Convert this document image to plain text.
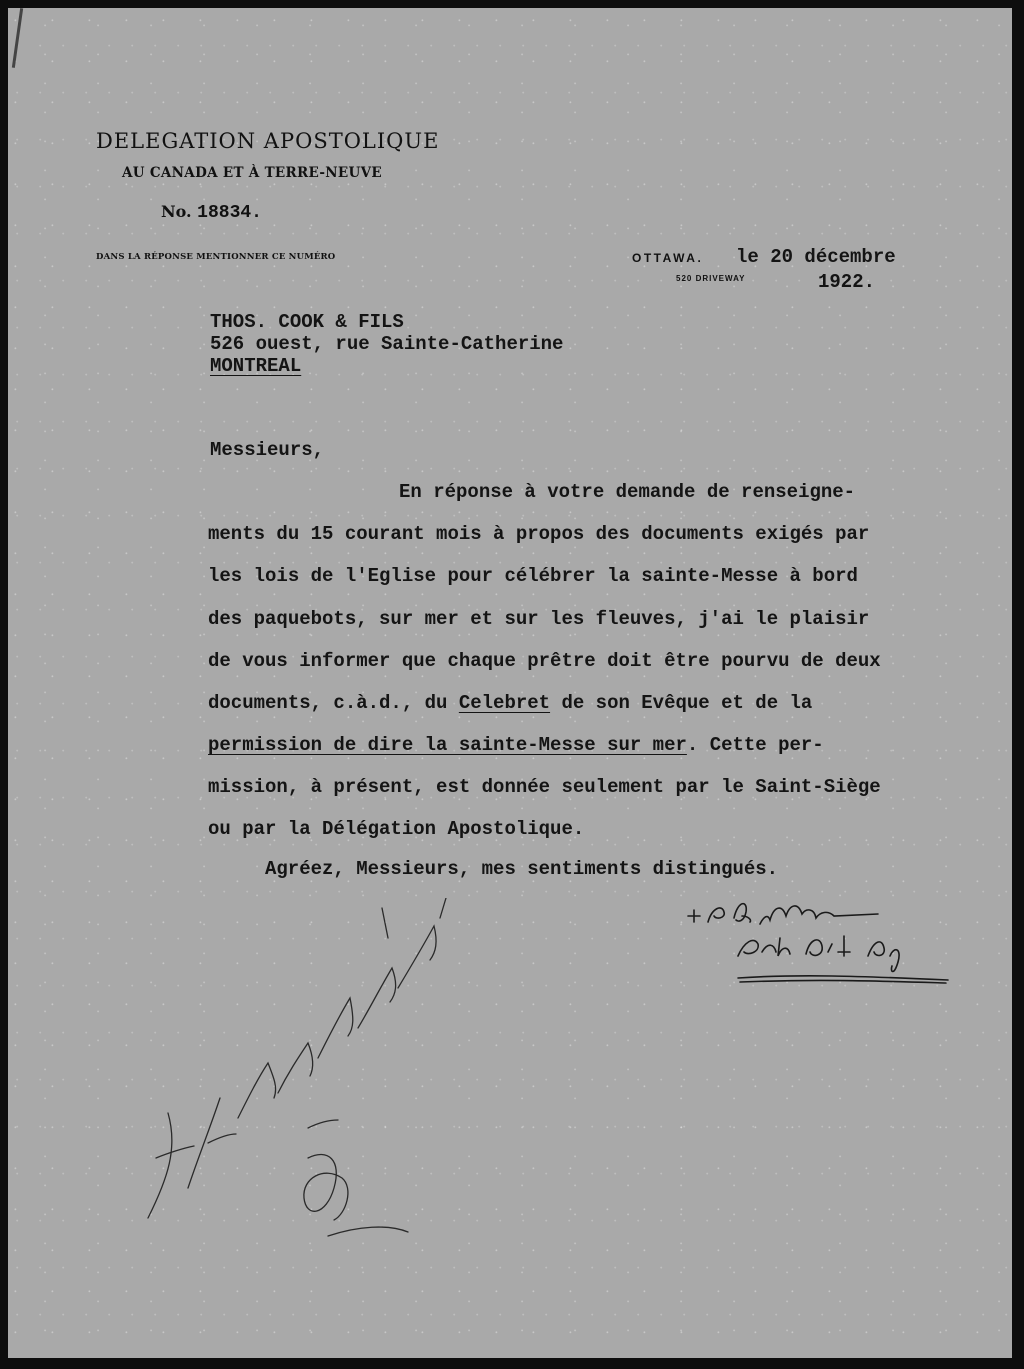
DELEGATION APOSTOLIQUE
AU CANADA ET À TERRE-NEUVE
No. 18834.
DANS LA RÉPONSE MENTIONNER CE NUMÉRO	OTTAWA.
520 DRIVEWAY
le 20 décembre
1922.
THOS. COOK & FILS
526 ouest, rue Sainte-Catherine
MONTREAL
Messieurs,
En réponse à votre demande de renseigne-
ments du 15 courant mois à propos des documents exigés par
les lois de l'Eglise pour célébrer la sainte-Messe à bord
des paquebots, sur mer et sur les fleuves, j'ai le plaisir
de vous informer que chaque prêtre doit être pourvu de deux
documents, c.à.d., du Celebret de son Evêque et de la
permission de dire la sainte-Messe sur mer. Cette per-
mission, à présent, est donnée seulement par le Saint-Siège
ou par la Délégation Apostolique.
Agréez, Messieurs, mes sentiments distingués.
